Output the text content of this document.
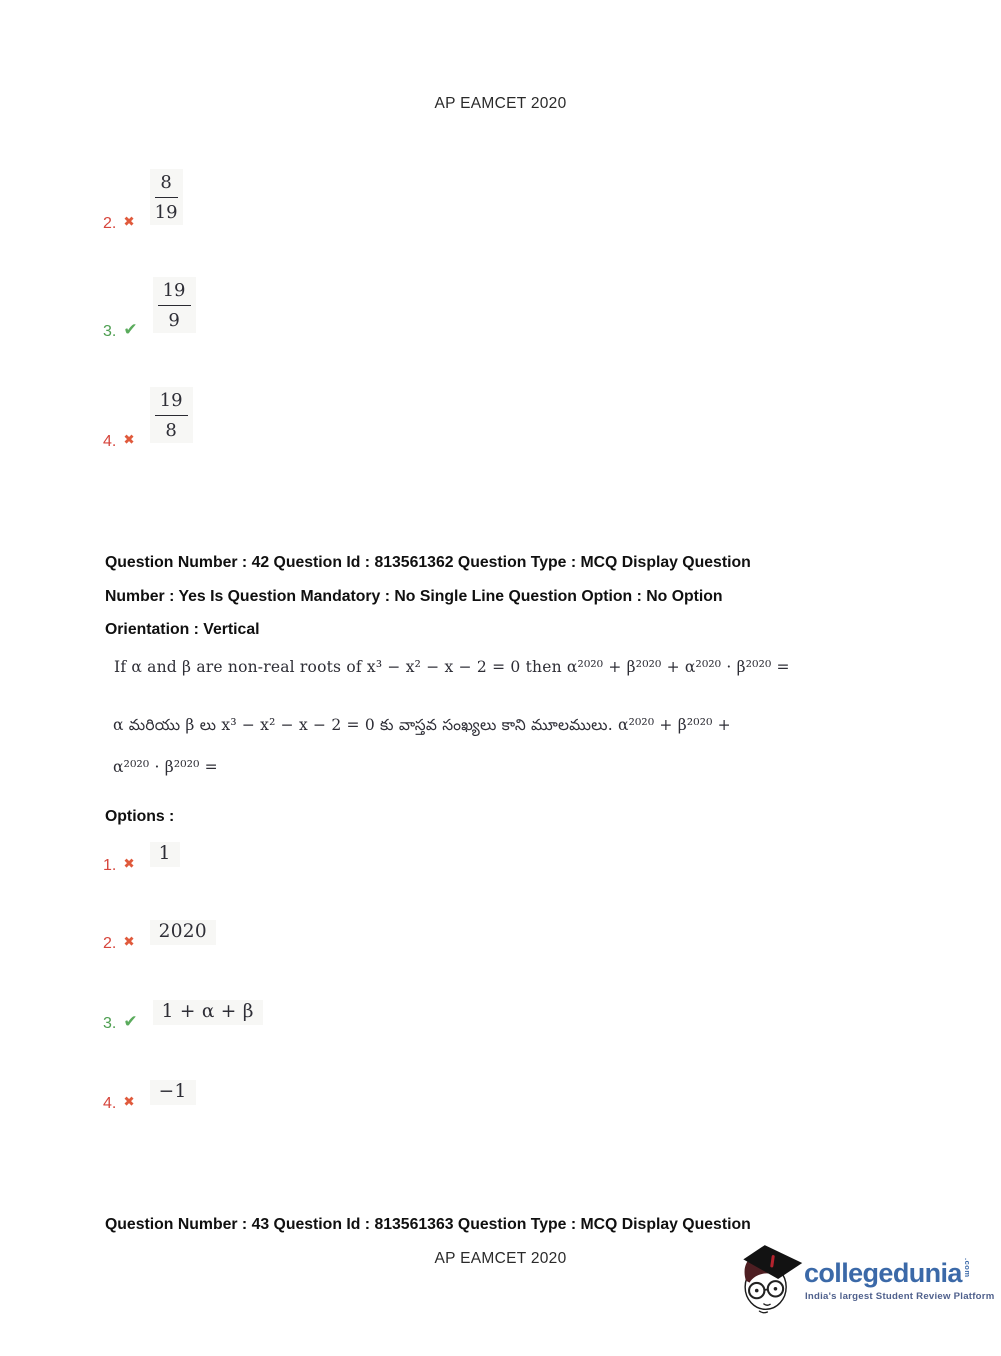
AP EAMCET 2020
2. ✖ $\frac{8}{19}$
3. ✔ $\frac{19}{9}$
4. ✖ $\frac{19}{8}$
Question Number : 42 Question Id : 813561362 Question Type : MCQ Display Question
Number : Yes Is Question Mandatory : No Single Line Question Option : No Option
Orientation : Vertical
If α and β are non-real roots of x³ − x² − x − 2 = 0 then α²⁰²⁰ + β²⁰²⁰ + α²⁰²⁰ · β²⁰²⁰ =
α మరియు β లు x³ − x² − x − 2 = 0 కు వాస్తవ సంఖ్యలు కాని మూలములు. α²⁰²⁰ + β²⁰²⁰ +
α²⁰²⁰ · β²⁰²⁰ =
Options :
1. ✖	1
2. ✖	2020
3. ✔	1 + α + β
4. ✖	−1
Question Number : 43 Question Id : 813561363 Question Type : MCQ Display Question
AP EAMCET 2020	collegedunia.com
India's largest Student Review Platform
